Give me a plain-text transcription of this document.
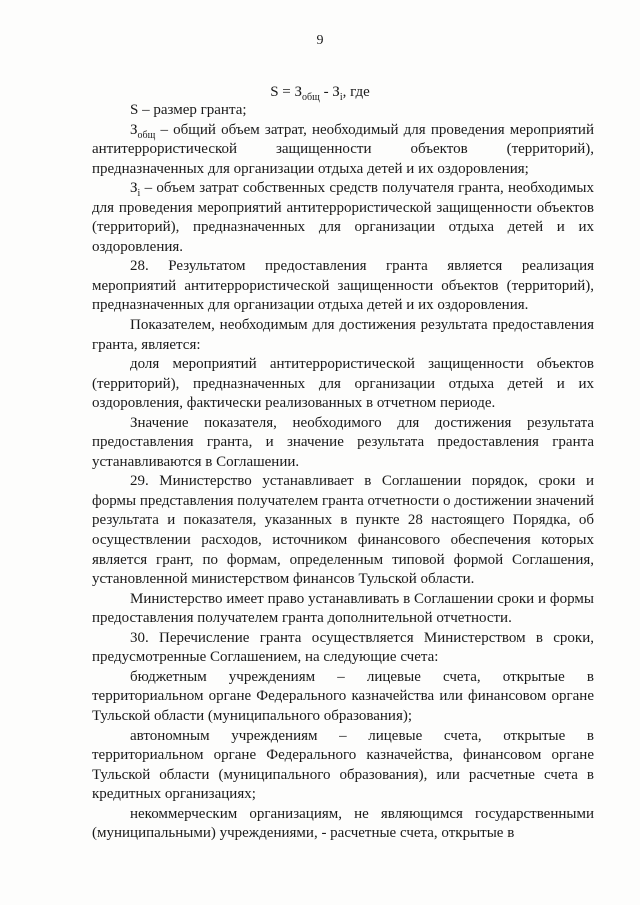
9
$S = З_{общ} - З_i$, где

S – размер гранта;

$З_{общ}$ – общий объем затрат, необходимый для проведения мероприятий антитеррористической защищенности объектов (территорий), предназначенных для организации отдыха детей и их оздоровления;

$З_i$ – объем затрат собственных средств получателя гранта, необходимых для проведения мероприятий антитеррористической защищенности объектов (территорий), предназначенных для организации отдыха детей и их оздоровления.

28. Результатом предоставления гранта является реализация мероприятий антитеррористической защищенности объектов (территорий), предназначенных для организации отдыха детей и их оздоровления.

Показателем, необходимым для достижения результата предоставления гранта, является:

доля мероприятий антитеррористической защищенности объектов (территорий), предназначенных для организации отдыха детей и их оздоровления, фактически реализованных в отчетном периоде.

Значение показателя, необходимого для достижения результата предоставления гранта, и значение результата предоставления гранта устанавливаются в Соглашении.

29. Министерство устанавливает в Соглашении порядок, сроки и формы представления получателем гранта отчетности о достижении значений результата и показателя, указанных в пункте 28 настоящего Порядка, об осуществлении расходов, источником финансового обеспечения которых является грант, по формам, определенным типовой формой Соглашения, установленной министерством финансов Тульской области.

Министерство имеет право устанавливать в Соглашении сроки и формы предоставления получателем гранта дополнительной отчетности.

30. Перечисление гранта осуществляется Министерством в сроки, предусмотренные Соглашением, на следующие счета:

бюджетным учреждениям – лицевые счета, открытые в территориальном органе Федерального казначейства или финансовом органе Тульской области (муниципального образования);

автономным учреждениям – лицевые счета, открытые в территориальном органе Федерального казначейства, финансовом органе Тульской области (муниципального образования), или расчетные счета в кредитных организациях;

некоммерческим организациям, не являющимся государственными (муниципальными) учреждениями, - расчетные счета, открытые в
